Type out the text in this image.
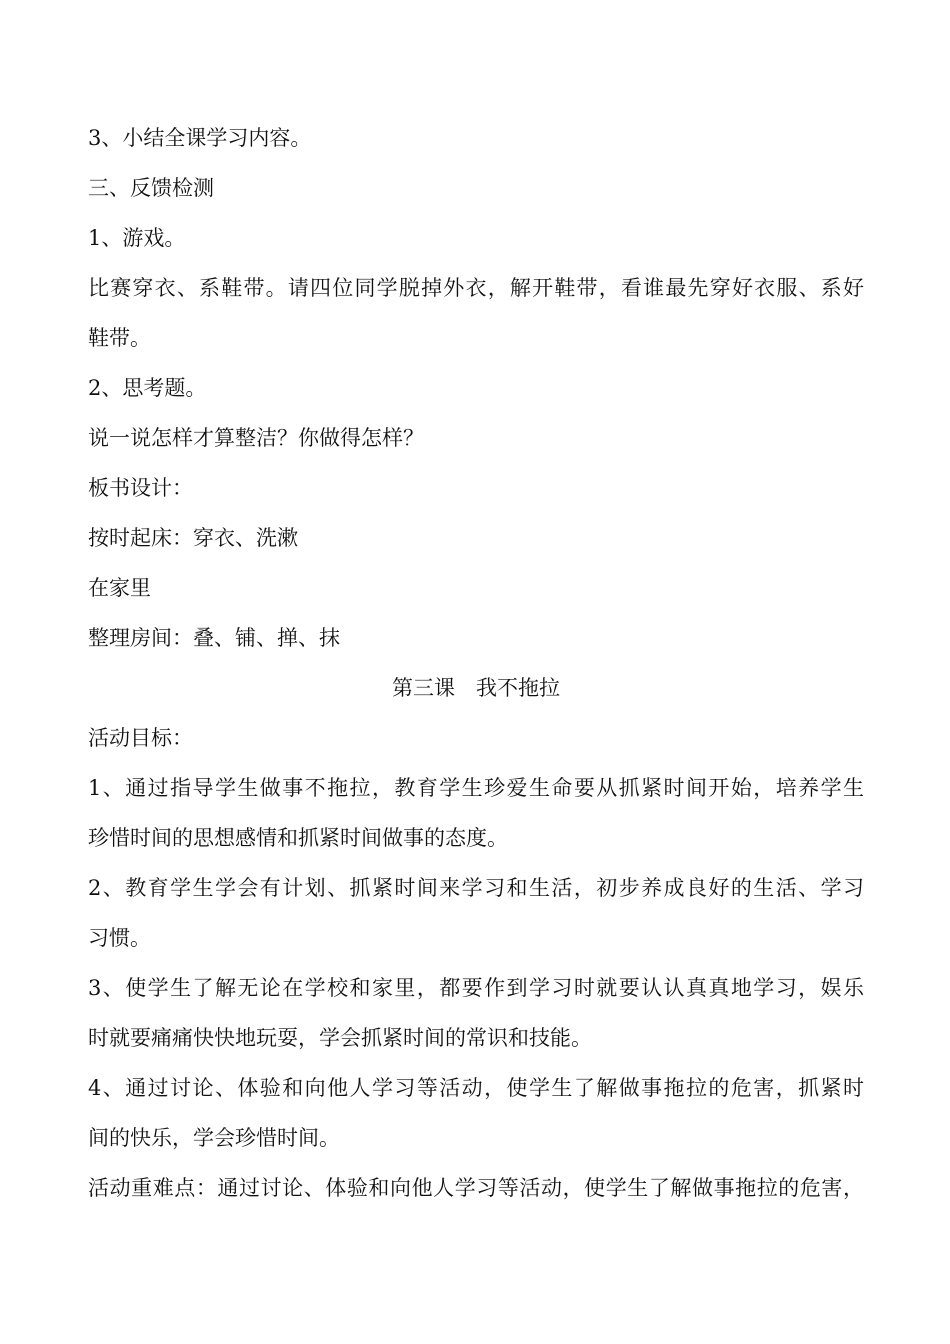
3、小结全课学习内容。
三、反馈检测
1、游戏。
比赛穿衣、系鞋带。请四位同学脱掉外衣，解开鞋带，看谁最先穿好衣服、系好
鞋带。
2、思考题。
说一说怎样才算整洁？你做得怎样？
板书设计：
按时起床：穿衣、洗漱
在家里
整理房间：叠、铺、掸、抹
第三课　我不拖拉
活动目标：
1、通过指导学生做事不拖拉，教育学生珍爱生命要从抓紧时间开始，培养学生
珍惜时间的思想感情和抓紧时间做事的态度。
2、教育学生学会有计划、抓紧时间来学习和生活，初步养成良好的生活、学习
习惯。
3、使学生了解无论在学校和家里，都要作到学习时就要认认真真地学习，娱乐
时就要痛痛快快地玩耍，学会抓紧时间的常识和技能。
4、通过讨论、体验和向他人学习等活动，使学生了解做事拖拉的危害，抓紧时
间的快乐，学会珍惜时间。
活动重难点：通过讨论、体验和向他人学习等活动，使学生了解做事拖拉的危害，
